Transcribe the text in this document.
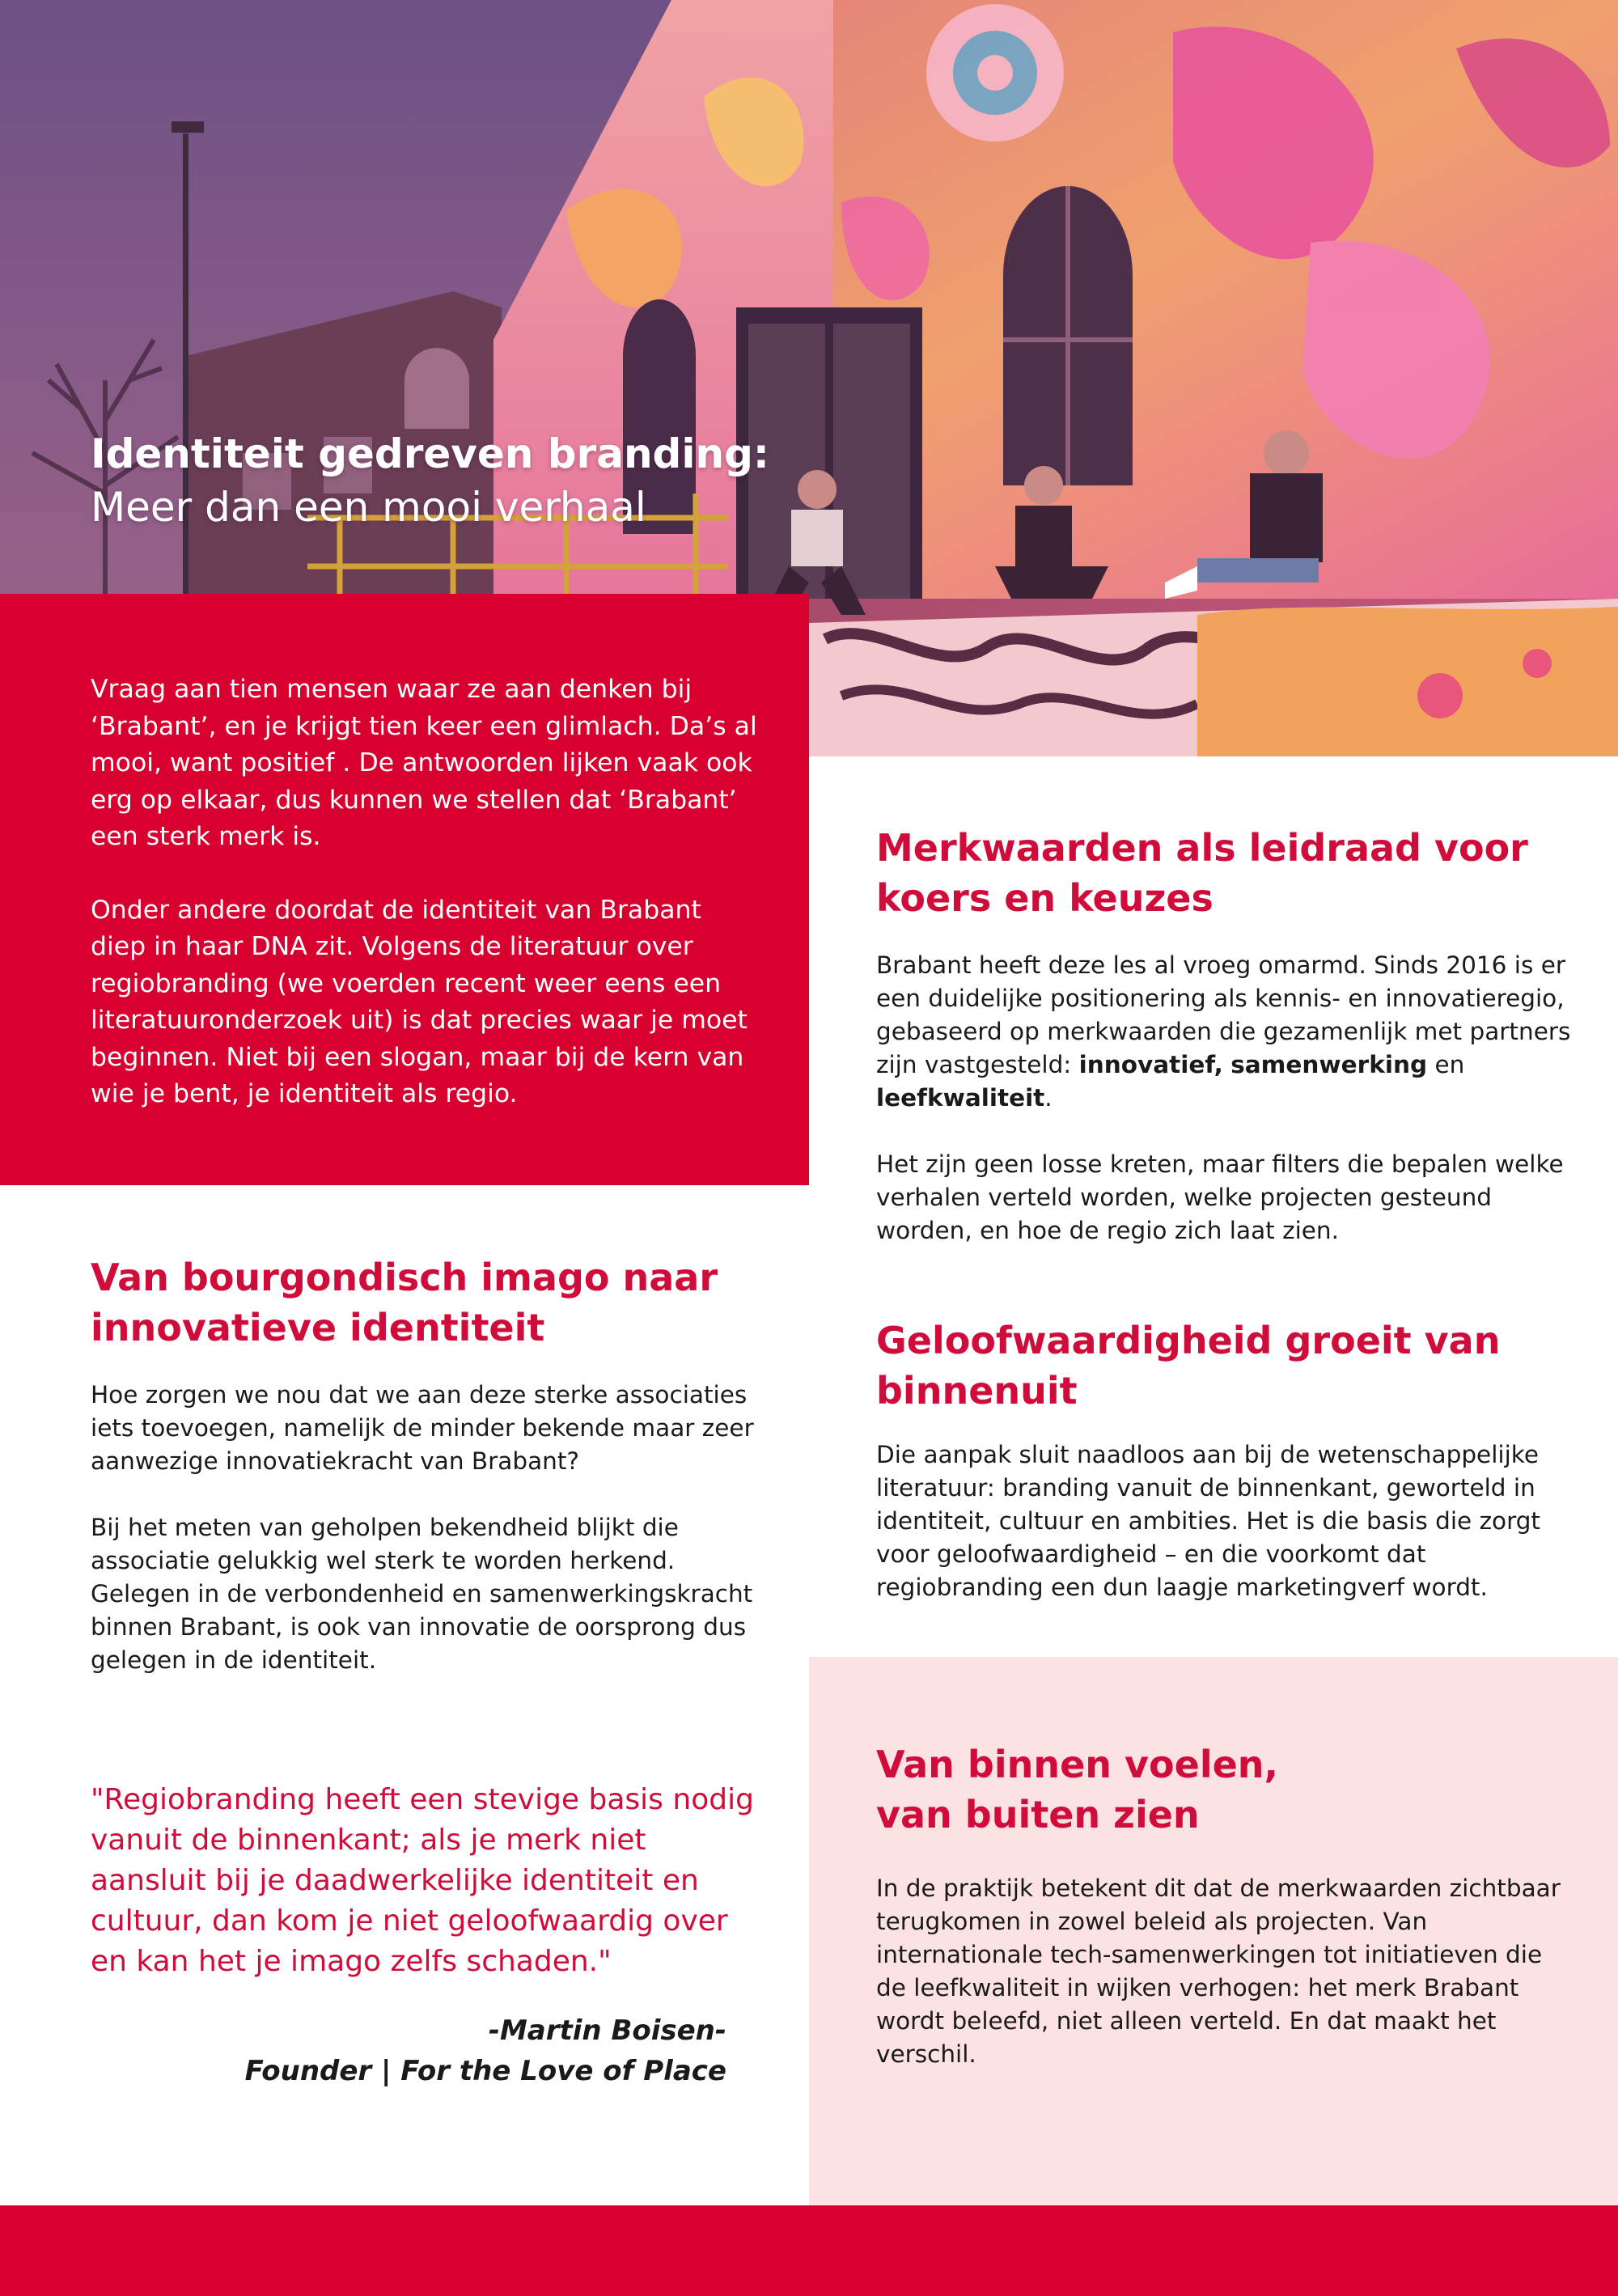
Identiteit gedreven branding:
Meer dan een mooi verhaal

Vraag aan tien mensen waar ze aan denken bij ‘Brabant’, en je krijgt tien keer een glimlach. Da’s al mooi, want positief . De antwoorden lijken vaak ook erg op elkaar, dus kunnen we stellen dat ‘Brabant’ een sterk merk is.

Onder andere doordat de identiteit van Brabant diep in haar DNA zit. Volgens de literatuur over regiobranding (we voerden recent weer eens een literatuuronderzoek uit) is dat precies waar je moet beginnen. Niet bij een slogan, maar bij de kern van wie je bent, je identiteit als regio.

Merkwaarden als leidraad voor koers en keuzes

Brabant heeft deze les al vroeg omarmd. Sinds 2016 is er een duidelijke positionering als kennis- en innovatieregio, gebaseerd op merkwaarden die gezamenlijk met partners zijn vastgesteld: innovatief, samenwerking en leefkwaliteit.

Het zijn geen losse kreten, maar filters die bepalen welke verhalen verteld worden, welke projecten gesteund worden, en hoe de regio zich laat zien.

Van bourgondisch imago naar innovatieve identiteit

Hoe zorgen we nou dat we aan deze sterke associaties iets toevoegen, namelijk de minder bekende maar zeer aanwezige innovatiekracht van Brabant?

Bij het meten van geholpen bekendheid blijkt die associatie gelukkig wel sterk te worden herkend. Gelegen in de verbondenheid en samenwerkingskracht binnen Brabant, is ook van innovatie de oorsprong dus gelegen in de identiteit.

Geloofwaardigheid groeit van binnenuit

Die aanpak sluit naadloos aan bij de wetenschappelijke literatuur: branding vanuit de binnenkant, geworteld in identiteit, cultuur en ambities. Het is die basis die zorgt voor geloofwaardigheid – en die voorkomt dat regiobranding een dun laagje marketingverf wordt.

Van binnen voelen,
van buiten zien

In de praktijk betekent dit dat de merkwaarden zichtbaar terugkomen in zowel beleid als projecten. Van internationale tech-samenwerkingen tot initiatieven die de leefkwaliteit in wijken verhogen: het merk Brabant wordt beleefd, niet alleen verteld. En dat maakt het verschil.

"Regiobranding heeft een stevige basis nodig vanuit de binnenkant; als je merk niet aansluit bij je daadwerkelijke identiteit en cultuur, dan kom je niet geloofwaardig over en kan het je imago zelfs schaden."
-Martin Boisen-
Founder | For the Love of Place
